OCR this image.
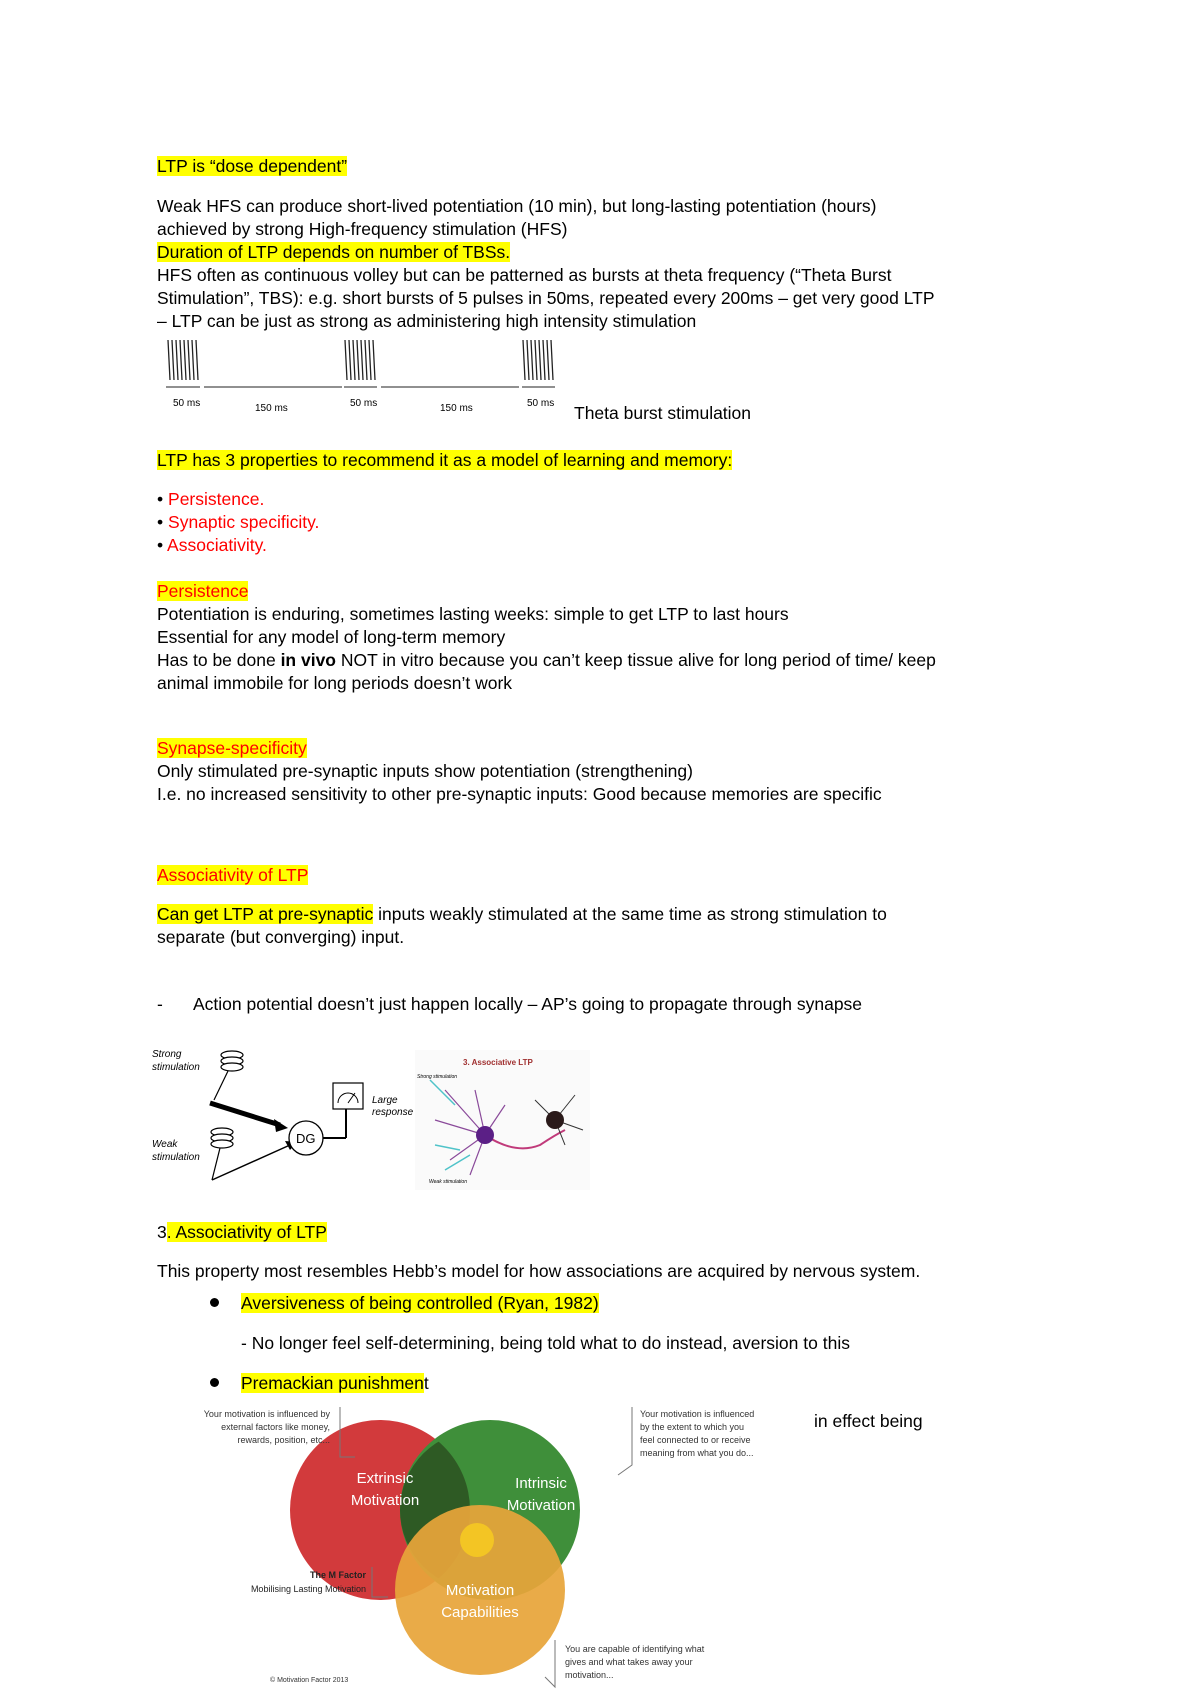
LTP is “dose dependent”

Weak HFS can produce short-lived potentiation (10 min), but long-lasting potentiation (hours)

achieved by strong High-frequency stimulation (HFS)

Duration of LTP depends on number of TBSs.

HFS often as continuous volley but can be patterned as bursts at theta frequency (“Theta Burst

Stimulation”, TBS): e.g. short bursts of 5 pulses in 50ms, repeated every 200ms – get very good LTP

– LTP can be just as strong as administering high intensity stimulation

50 ms	150 ms	50 ms	150 ms	50 ms Theta burst stimulation

LTP has 3 properties to recommend it as a model of learning and memory:

• Persistence.

• Synaptic specificity.

• Associativity.

Persistence

Potentiation is enduring, sometimes lasting weeks: simple to get LTP to last hours

Essential for any model of long-term memory

Has to be done in vivo NOT in vitro because you can’t keep tissue alive for long period of time/ keep

animal immobile for long periods doesn’t work

Synapse-specificity

Only stimulated pre-synaptic inputs show potentiation (strengthening)

I.e. no increased sensitivity to other pre-synaptic inputs: Good because memories are specific

Associativity of LTP

Can get LTP at pre-synaptic inputs weakly stimulated at the same time as strong stimulation to

separate (but converging) input.

- Action potential doesn’t just happen locally – AP’s going to propagate through synapse

Strong
stimulation
Weak
stimulation
DG
Large
response
3. Associative LTP
Strong stimulation
Weak stimulation

3. Associativity of LTP

This property most resembles Hebb’s model for how associations are acquired by nervous system.

Aversiveness of being controlled (Ryan, 1982)

- No longer feel self-determining, being told what to do instead, aversion to this

Premackian punishment

in effect being

Extrinsic
Motivation
Intrinsic
Motivation
Motivation
Capabilities
Your motivation is influenced by
external factors like money,
rewards, position, etc...
Your motivation is influenced
by the extent to which you
feel connected to or receive
meaning from what you do...
The M Factor
Mobilising Lasting Motivation
You are capable of identifying what
gives and what takes away your
motivation...
© Motivation Factor 2013
